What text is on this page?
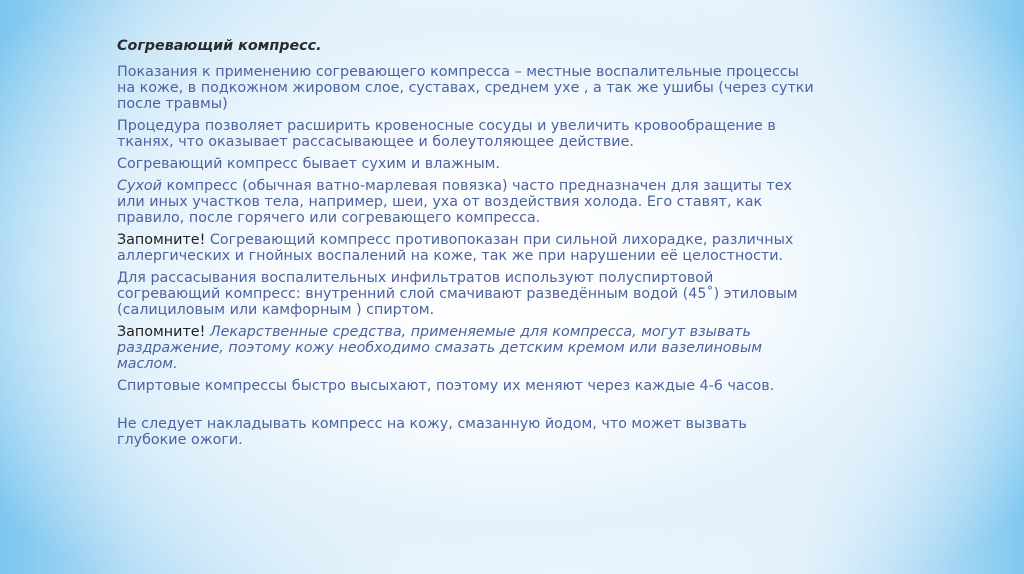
Согревающий компресс.

Показания к применению согревающего компресса – местные воспалительные процессы на коже, в подкожном жировом слое, суставах, среднем ухе , а так же ушибы (через сутки после травмы)

Процедура позволяет расширить кровеносные сосуды и увеличить кровообращение в тканях, что оказывает рассасывающее и болеутоляющее действие.

Согревающий компресс бывает сухим и влажным.

Сухой компресс (обычная ватно-марлевая повязка) часто предназначен для защиты тех или иных участков тела, например, шеи, уха от воздействия холода. Его ставят, как правило, после горячего или согревающего компресса.

Запомните! Согревающий компресс противопоказан при сильной лихорадке, различных аллергических и гнойных воспалений на коже, так же при нарушении её целостности.

Для рассасывания воспалительных инфильтратов используют полуспиртовой согревающий компресс: внутренний слой смачивают разведённым водой (45˚) этиловым (салициловым или камфорным ) спиртом.

Запомните! Лекарственные средства, применяемые для компресса, могут взывать раздражение, поэтому кожу необходимо смазать детским кремом или вазелиновым маслом.

Спиртовые компрессы быстро высыхают, поэтому их меняют через каждые 4-6 часов.

Не следует накладывать компресс на кожу, смазанную йодом, что может вызвать глубокие ожоги.
